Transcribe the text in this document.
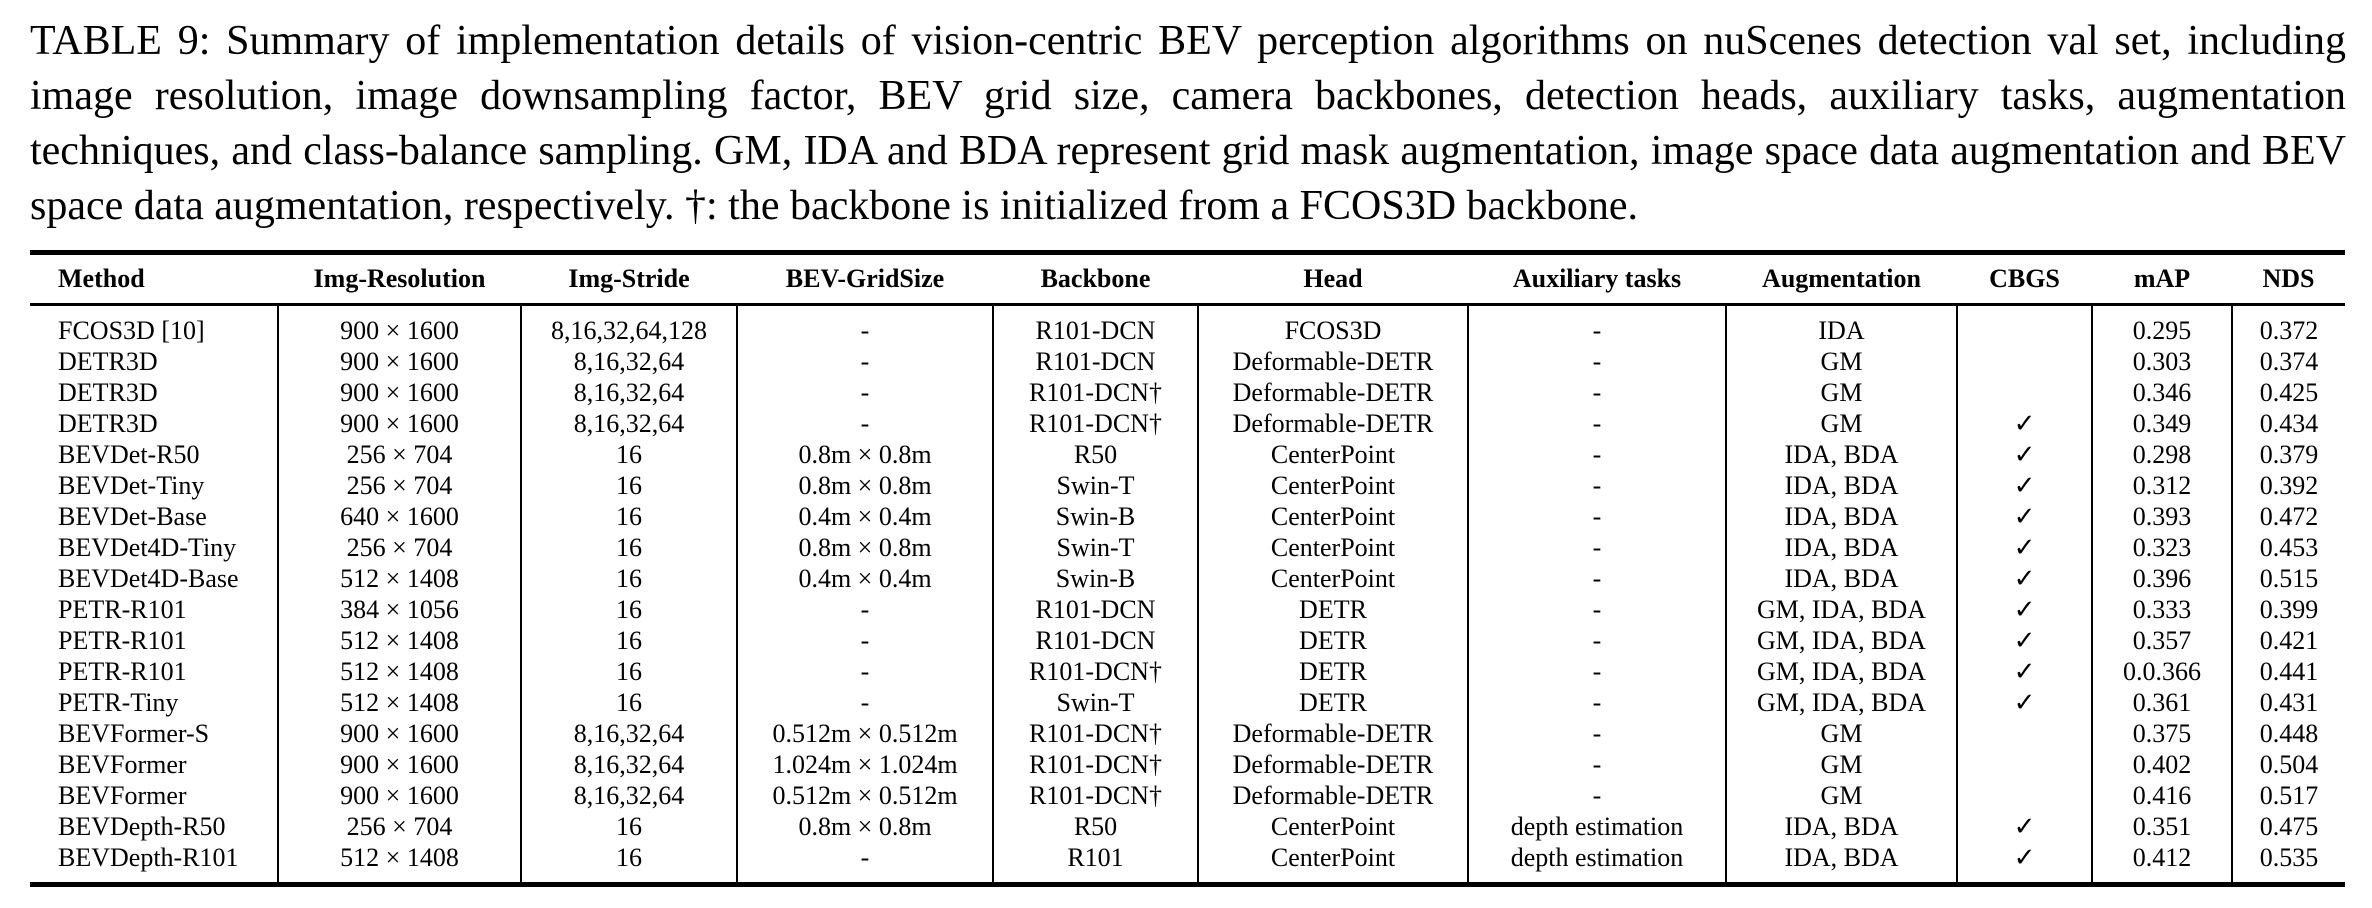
TABLE 9: Summary of implementation details of vision-centric BEV perception algorithms on nuScenes detection val set, including image resolution, image downsampling factor, BEV grid size, camera backbones, detection heads, auxiliary tasks, augmentation techniques, and class-balance sampling. GM, IDA and BDA represent grid mask augmentation, image space data augmentation and BEV space data augmentation, respectively. †: the backbone is initialized from a FCOS3D backbone.

Method	Img-Resolution	Img-Stride	BEV-GridSize	Backbone	Head	Auxiliary tasks	Augmentation	CBGS	mAP	NDS
FCOS3D [10]	900 × 1600	8,16,32,64,128	-	R101-DCN	FCOS3D	-	IDA		0.295	0.372
DETR3D	900 × 1600	8,16,32,64	-	R101-DCN	Deformable-DETR	-	GM		0.303	0.374
DETR3D	900 × 1600	8,16,32,64	-	R101-DCN†	Deformable-DETR	-	GM		0.346	0.425
DETR3D	900 × 1600	8,16,32,64	-	R101-DCN†	Deformable-DETR	-	GM	✓	0.349	0.434
BEVDet-R50	256 × 704	16	0.8m × 0.8m	R50	CenterPoint	-	IDA, BDA	✓	0.298	0.379
BEVDet-Tiny	256 × 704	16	0.8m × 0.8m	Swin-T	CenterPoint	-	IDA, BDA	✓	0.312	0.392
BEVDet-Base	640 × 1600	16	0.4m × 0.4m	Swin-B	CenterPoint	-	IDA, BDA	✓	0.393	0.472
BEVDet4D-Tiny	256 × 704	16	0.8m × 0.8m	Swin-T	CenterPoint	-	IDA, BDA	✓	0.323	0.453
BEVDet4D-Base	512 × 1408	16	0.4m × 0.4m	Swin-B	CenterPoint	-	IDA, BDA	✓	0.396	0.515
PETR-R101	384 × 1056	16	-	R101-DCN	DETR	-	GM, IDA, BDA	✓	0.333	0.399
PETR-R101	512 × 1408	16	-	R101-DCN	DETR	-	GM, IDA, BDA	✓	0.357	0.421
PETR-R101	512 × 1408	16	-	R101-DCN†	DETR	-	GM, IDA, BDA	✓	0.0.366	0.441
PETR-Tiny	512 × 1408	16	-	Swin-T	DETR	-	GM, IDA, BDA	✓	0.361	0.431
BEVFormer-S	900 × 1600	8,16,32,64	0.512m × 0.512m	R101-DCN†	Deformable-DETR	-	GM		0.375	0.448
BEVFormer	900 × 1600	8,16,32,64	1.024m × 1.024m	R101-DCN†	Deformable-DETR	-	GM		0.402	0.504
BEVFormer	900 × 1600	8,16,32,64	0.512m × 0.512m	R101-DCN†	Deformable-DETR	-	GM		0.416	0.517
BEVDepth-R50	256 × 704	16	0.8m × 0.8m	R50	CenterPoint	depth estimation	IDA, BDA	✓	0.351	0.475
BEVDepth-R101	512 × 1408	16	-	R101	CenterPoint	depth estimation	IDA, BDA	✓	0.412	0.535
